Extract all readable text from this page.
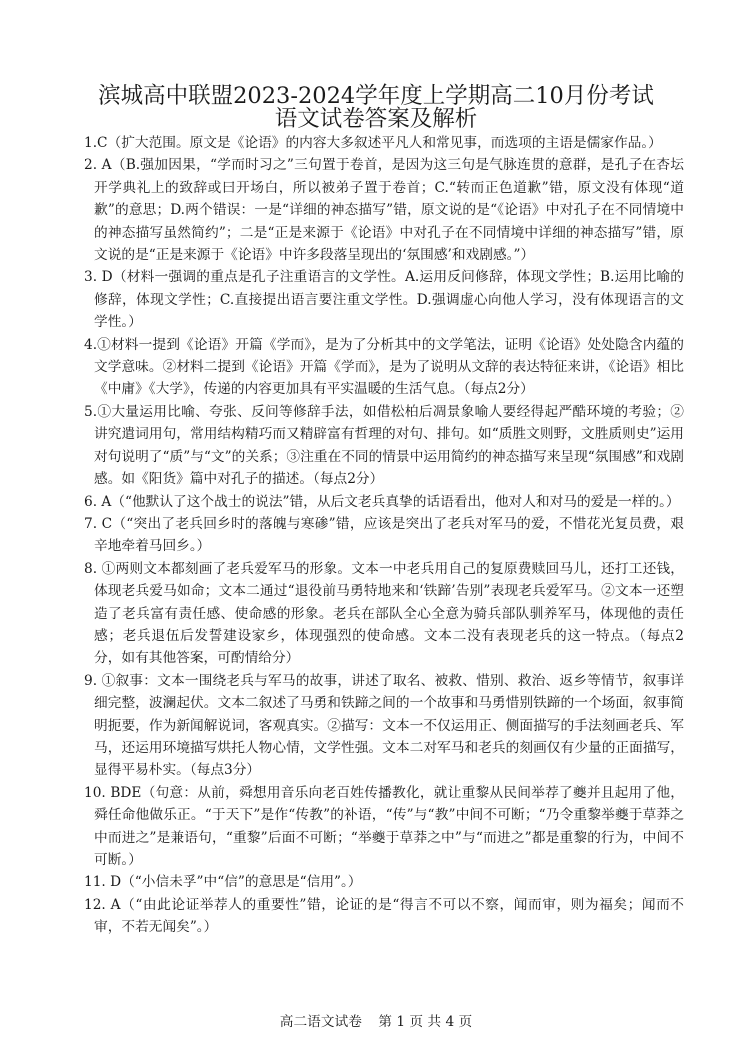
滨城高中联盟2023-2024学年度上学期高二10月份考试
语文试卷答案及解析
1.C（扩大范围。原文是《论语》的内容大多叙述平凡人和常见事，而选项的主语是儒家作品。）
2. A（B.强加因果，“学而时习之”三句置于卷首，是因为这三句是气脉连贯的意群，是孔子在杏坛开学典礼上的致辞或曰开场白，所以被弟子置于卷首；C.“转而正色道歉”错，原文没有体现“道歉”的意思；D.两个错误：一是“详细的神态描写”错，原文说的是“《论语》中对孔子在不同情境中的神态描写虽然简约”；二是“正是来源于《论语》中对孔子在不同情境中详细的神态描写”错，原文说的是“正是来源于《论语》中许多段落呈现出的‘氛围感’和戏剧感。”）
3. D（材料一强调的重点是孔子注重语言的文学性。A.运用反问修辞，体现文学性；B.运用比喻的修辞，体现文学性；C.直接提出语言要注重文学性。D.强调虚心向他人学习，没有体现语言的文学性。）
4.①材料一提到《论语》开篇《学而》，是为了分析其中的文学笔法，证明《论语》处处隐含内蕴的文学意味。②材料二提到《论语》开篇《学而》，是为了说明从文辞的表达特征来讲，《论语》相比《中庸》《大学》，传递的内容更加具有平实温暖的生活气息。（每点2分）
5.①大量运用比喻、夸张、反问等修辞手法，如借松柏后凋景象喻人要经得起严酷环境的考验；②讲究遣词用句，常用结构精巧而又精辟富有哲理的对句、排句。如“质胜文则野，文胜质则史”运用对句说明了“质”与“文”的关系；③注重在不同的情景中运用简约的神态描写来呈现“氛围感”和戏剧感。如《阳货》篇中对孔子的描述。（每点2分）
6. A（“他默认了这个战士的说法”错，从后文老兵真挚的话语看出，他对人和对马的爱是一样的。）
7. C（“突出了老兵回乡时的落魄与寒碜”错，应该是突出了老兵对军马的爱，不惜花光复员费，艰辛地牵着马回乡。）
8. ①两则文本都刻画了老兵爱军马的形象。文本一中老兵用自己的复原费赎回马儿，还打工还钱，体现老兵爱马如命；文本二通过“退役前马勇特地来和‘铁蹄’告别”表现老兵爱军马。②文本一还塑造了老兵富有责任感、使命感的形象。老兵在部队全心全意为骑兵部队驯养军马，体现他的责任感；老兵退伍后发誓建设家乡，体现强烈的使命感。文本二没有表现老兵的这一特点。（每点2分，如有其他答案，可酌情给分）
9. ①叙事：文本一围绕老兵与军马的故事，讲述了取名、被救、惜别、救治、返乡等情节，叙事详细完整，波澜起伏。文本二叙述了马勇和铁蹄之间的一个故事和马勇惜别铁蹄的一个场面，叙事简明扼要，作为新闻解说词，客观真实。②描写：文本一不仅运用正、侧面描写的手法刻画老兵、军马，还运用环境描写烘托人物心情，文学性强。文本二对军马和老兵的刻画仅有少量的正面描写，显得平易朴实。（每点3分）
10. BDE（句意：从前，舜想用音乐向老百姓传播教化，就让重黎从民间举荐了夔并且起用了他，舜任命他做乐正。“于天下”是作“传教”的补语，“传”与“教”中间不可断；“乃令重黎举夔于草莽之中而进之”是兼语句，“重黎”后面不可断；“举夔于草莽之中”与“而进之”都是重黎的行为，中间不可断。）
11. D（“小信未孚”中“信”的意思是“信用”。）
12. A（“由此论证举荐人的重要性”错，论证的是“得言不可以不察，闻而审，则为福矣；闻而不审，不若无闻矣”。）
高二语文试卷 第 1 页 共 4 页
